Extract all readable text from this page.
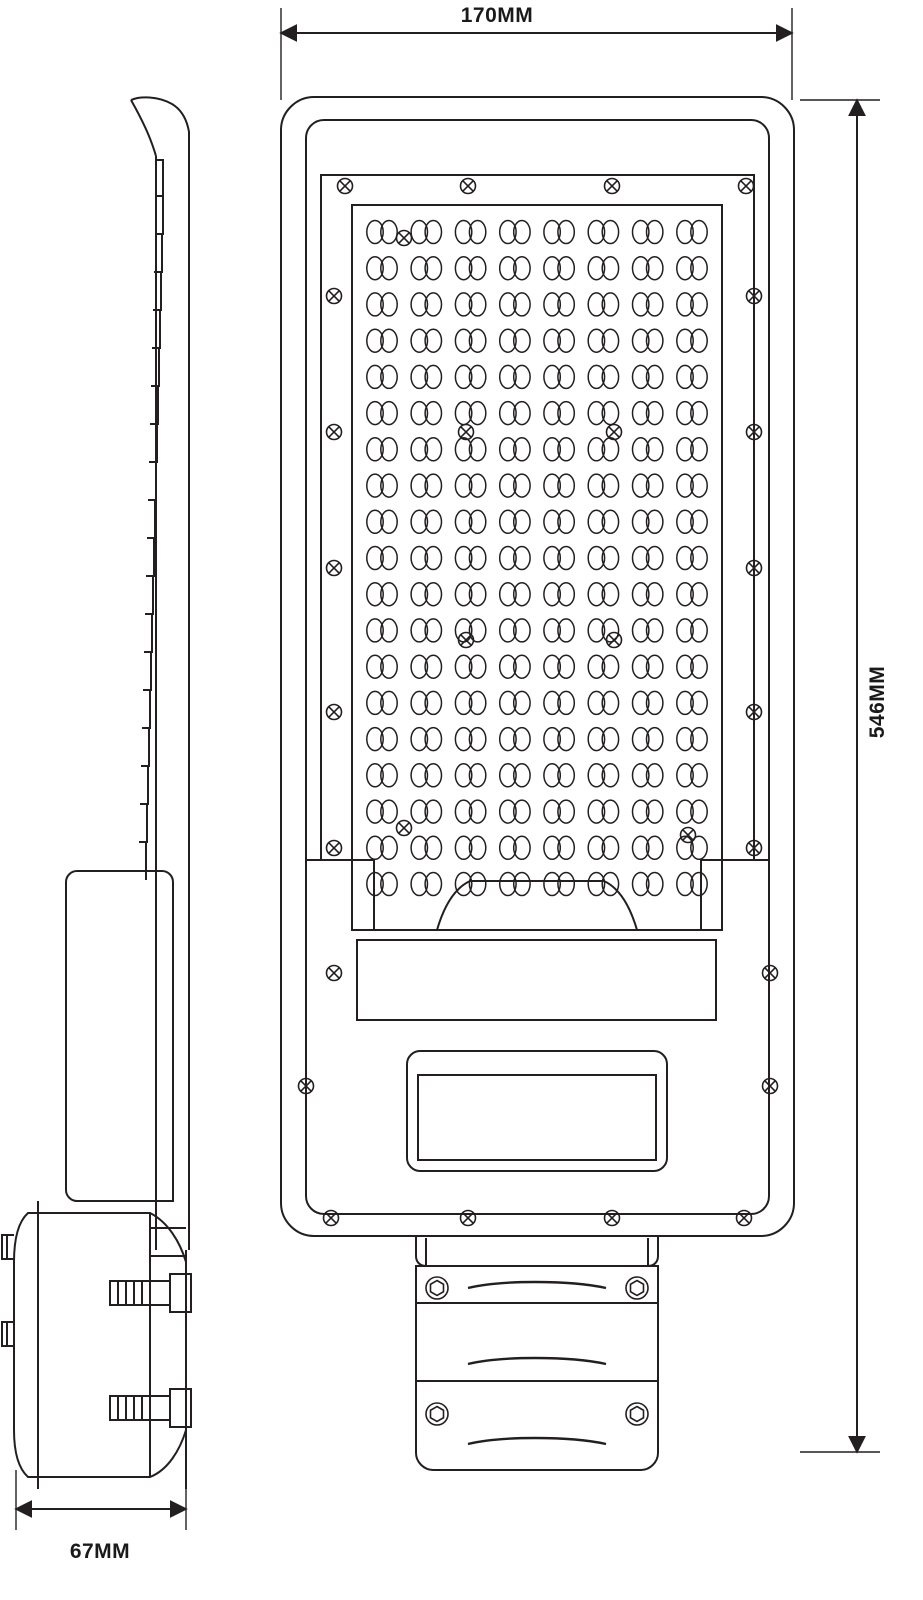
170MM
546MM
67MM
